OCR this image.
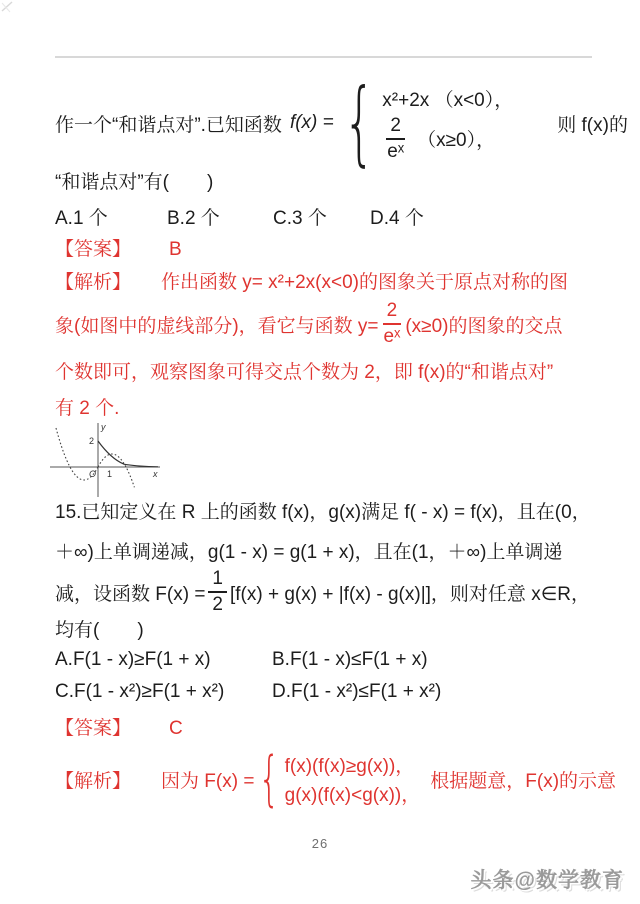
作一个“和谐点对”.已知函数 f(x) = { x²+2x （x<0），
$\frac{2}{\text{eˣ}} (x\ge 0)$，
则 f(x)的
“和谐点对”有(　　)
A.1 个	B.2 个	C.3 个 D.4 个
【答案】 B
【解析】 作出函数 y= x²+2x(x<0)的图象关于原点对称的图
象(如图中的虚线部分)，看它与函数 $y= \frac{2}{\text{eˣ}} (x\ge 0)$的图象的交点
个数即可，观察图象可得交点个数为 2，即 f(x)的“和谐点对”
有 2 个.
y
2
O 1	x
15.已知定义在 R 上的函数 f(x)，g(x)满足 f( - x) = f(x)，且在(0，
＋∞)上单调递减，g(1 - x) = g(1 + x)，且在(1，＋∞)上单调递
减，设函数 $F(x) = \frac{1}{2} [f(x) + g(x) + |f(x) - g(x)|]$，则对任意 x∈R，
均有(　　)
A.F(1 - x)≥F(1 + x)	B.F(1 - x)≤F(1 + x)
C.F(1 - x²)≥F(1 + x²)	D.F(1 - x²)≤F(1 + x²)
【答案】 C
【解析】 因为 F(x) = { f(x)(f(x)≥g(x))，
g(x)(f(x)<g(x))，
根据题意，F(x)的示意
26
头条@数学教育
